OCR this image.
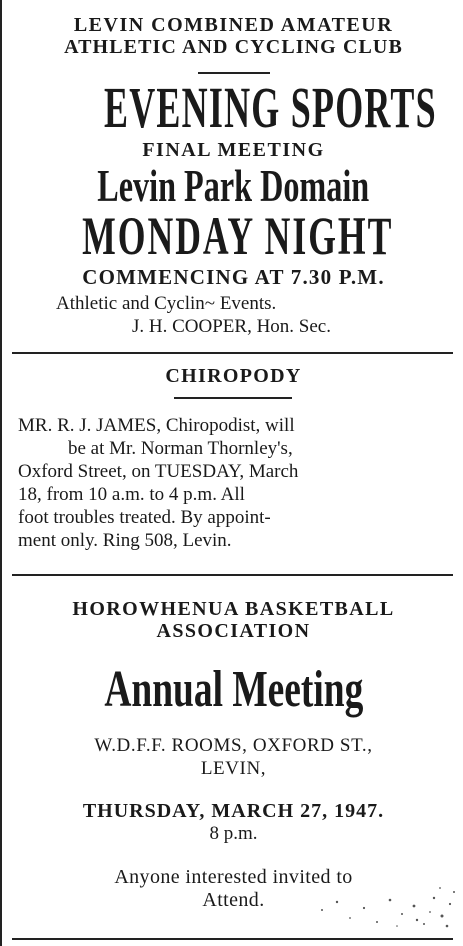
LEVIN COMBINED AMATEUR
ATHLETIC AND CYCLING CLUB
EVENING SPORTS
FINAL MEETING
Levin Park Domain
MONDAY NIGHT
COMMENCING AT 7.30 P.M.
Athletic and Cyclin~ Events.
J. H. COOPER, Hon. Sec.
CHIROPODY
MR. R. J. JAMES, Chiropodist, will
be at Mr. Norman Thornley's,
Oxford Street, on TUESDAY, March
18, from 10 a.m. to 4 p.m. All
foot troubles treated. By appoint-
ment only. Ring 508, Levin.
HOROWHENUA BASKETBALL
ASSOCIATION
Annual Meeting
W.D.F.F. ROOMS, OXFORD ST.,
LEVIN,
THURSDAY, MARCH 27, 1947.
8 p.m.
Anyone interested invited to
Attend.
